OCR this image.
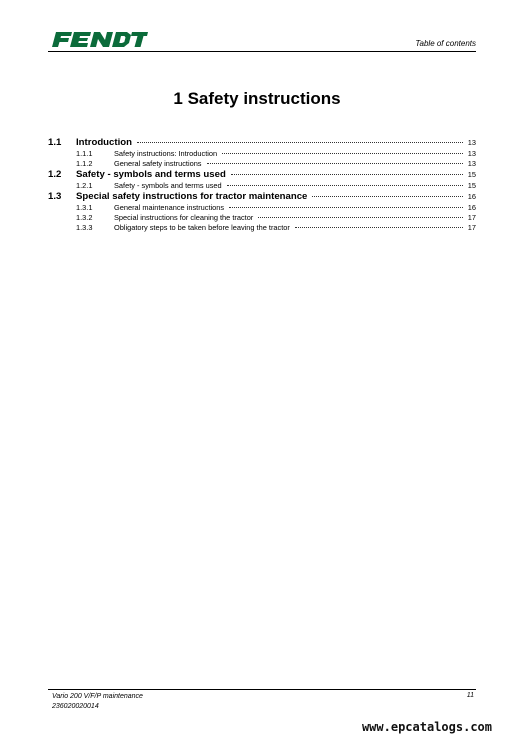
Table of contents
1 Safety instructions
1.1	Introduction	13
1.1.1	Safety instructions: Introduction	13
1.1.2	General safety instructions	13
1.2	Safety - symbols and terms used	15
1.2.1	Safety - symbols and terms used	15
1.3	Special safety instructions for tractor maintenance	16
1.3.1	General maintenance instructions	16
1.3.2	Special instructions for cleaning the tractor	17
1.3.3	Obligatory steps to be taken before leaving the tractor	17
Vario 200 V/F/P maintenance
236020020014
11
www.epcatalogs.com
